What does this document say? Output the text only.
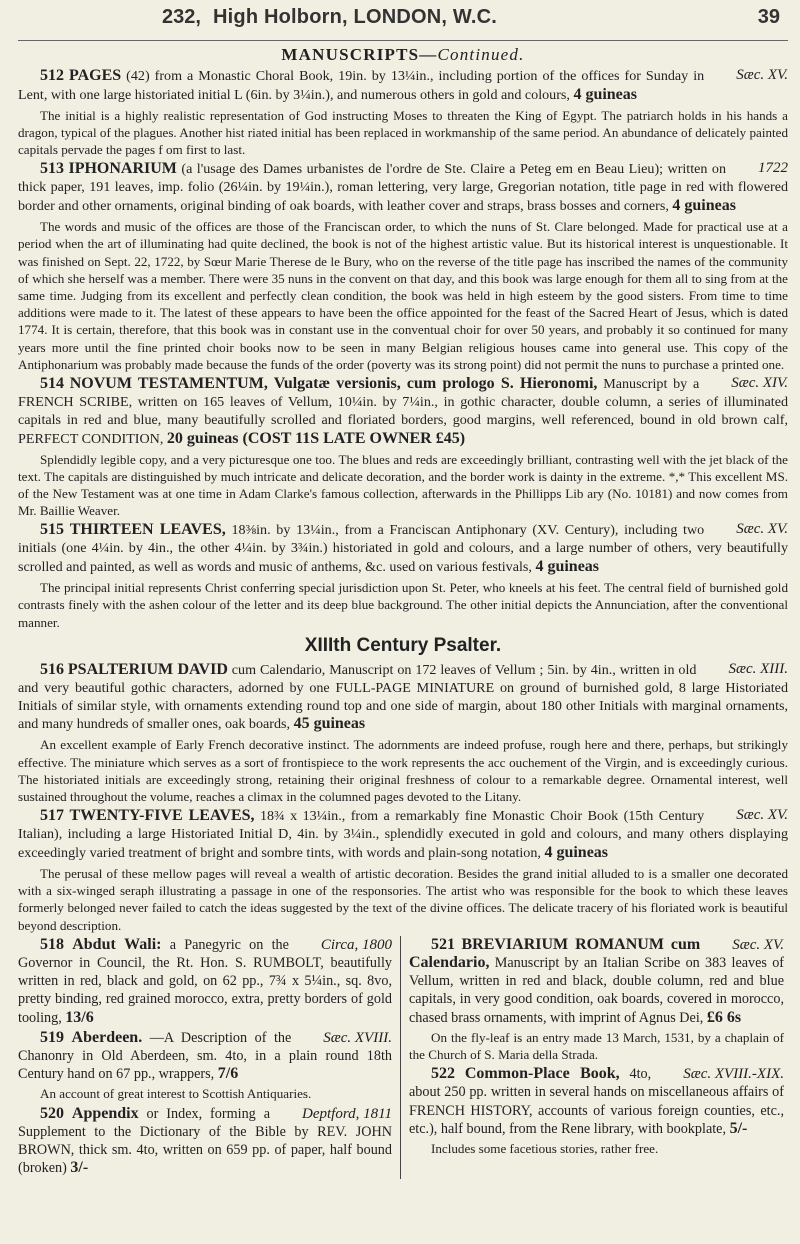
232, High Holborn, LONDON, W.C.	39
MANUSCRIPTS—Continued.

Sæc. XV.
512 PAGES (42) from a Monastic Choral Book, 19in. by 13¼in., including portion of the offices for Sunday in Lent, with one large historiated initial L (6in. by 3¼in.), and numerous others in gold and colours, 4 guineas

The initial is a highly realistic representation of God instructing Moses to threaten the King of Egypt. The patriarch holds in his hands a dragon, typical of the plagues. Another hist riated initial has been replaced in workmanship of the same period. An abundance of delicately painted capitals pervade the pages f om first to last.

1722
513 IPHONARIUM (a l'usage des Dames urbanistes de l'ordre de Ste. Claire a Peteg em en Beau Lieu); written on thick paper, 191 leaves, imp. folio (26¼in. by 19¼in.), roman lettering, very large, Gregorian notation, title page in red with flowered border and other ornaments, original binding of oak boards, with leather cover and straps, brass bosses and corners, 4 guineas

The words and music of the offices are those of the Franciscan order, to which the nuns of St. Clare belonged. Made for practical use at a period when the art of illuminating had quite declined, the book is not of the highest artistic value. But its historical interest is unquestionable. It was finished on Sept. 22, 1722, by Sœur Marie Therese de le Bury, who on the reverse of the title page has inscribed the names of the community of which she herself was a member. There were 35 nuns in the convent on that day, and this book was large enough for them all to sing from at the same time. Judging from its excellent and perfectly clean condition, the book was held in high esteem by the good sisters. From time to time additions were made to it. The latest of these appears to have been the office appointed for the feast of the Sacred Heart of Jesus, which is dated 1774. It is certain, therefore, that this book was in constant use in the conventual choir for over 50 years, and probably it so continued for many years more until the fine printed choir books now to be seen in many Belgian religious houses came into general use. This copy of the Antiphonarium was probably made because the funds of the order (poverty was its strong point) did not permit the nuns to purchase a printed one.

Sæc. XIV.
514 NOVUM TESTAMENTUM, Vulgatæ versionis, cum prologo S. Hieronomi, Manuscript by a FRENCH SCRIBE, written on 165 leaves of Vellum, 10¼in. by 7¼in., in gothic character, double column, a series of illuminated capitals in red and blue, many beautifully scrolled and floriated borders, good margins, well referenced, bound in old brown calf, PERFECT CONDITION, 20 guineas (COST 11S LATE OWNER £45)

Splendidly legible copy, and a very picturesque one too. The blues and reds are exceedingly brilliant, contrasting well with the jet black of the text. The capitals are distinguished by much intricate and delicate decoration, and the border work is dainty in the extreme. *,* This excellent MS. of the New Testament was at one time in Adam Clarke's famous collection, afterwards in the Phillipps Lib ary (No. 10181) and now comes from Mr. Baillie Weaver.

Sæc. XV.
515 THIRTEEN LEAVES, 18⅜in. by 13¼in., from a Franciscan Antiphonary (XV. Century), including two initials (one 4¼in. by 4in., the other 4¼in. by 3¾in.) historiated in gold and colours, and a large number of others, very beautifully scrolled and painted, as well as words and music of anthems, &c. used on various festivals, 4 guineas

The principal initial represents Christ conferring special jurisdiction upon St. Peter, who kneels at his feet. The central field of burnished gold contrasts finely with the ashen colour of the letter and its deep blue background. The other initial depicts the Annunciation, after the conventional manner.

XIIIth Century Psalter.

Sæc. XIII.
516 PSALTERIUM DAVID cum Calendario, Manuscript on 172 leaves of Vellum ; 5in. by 4in., written in old and very beautiful gothic characters, adorned by one FULL-PAGE MINIATURE on ground of burnished gold, 8 large Historiated Initials of similar style, with ornaments extending round top and one side of margin, about 180 other Initials with marginal ornaments, and many hundreds of smaller ones, oak boards, 45 guineas

An excellent example of Early French decorative instinct. The adornments are indeed profuse, rough here and there, perhaps, but strikingly effective. The miniature which serves as a sort of frontispiece to the work represents the acc ouchement of the Virgin, and is exceedingly curious. The historiated initials are exceedingly strong, retaining their original freshness of colour to a remarkable degree. Ornamental interest, well sustained throughout the volume, reaches a climax in the columned pages devoted to the Litany.

Sæc. XV.
517 TWENTY-FIVE LEAVES, 18¾ x 13¼in., from a remarkably fine Monastic Choir Book (15th Century Italian), including a large Historiated Initial D, 4in. by 3¼in., splendidly executed in gold and colours, and many others displaying exceedingly varied treatment of bright and sombre tints, with words and plain-song notation, 4 guineas

The perusal of these mellow pages will reveal a wealth of artistic decoration. Besides the grand initial alluded to is a smaller one decorated with a six-winged seraph illustrating a passage in one of the responsories. The artist who was responsible for the book to which these leaves formerly belonged never failed to catch the ideas suggested by the text of the divine offices. The delicate tracery of his floriated work is beautiful beyond description.

Circa, 1800
518 Abdut Wali: a Panegyric on the Governor in Council, the Rt. Hon. S. RUMBOLT, beautifully written in red, black and gold, on 62 pp., 7¾ x 5¼in., sq. 8vo, pretty binding, red grained morocco, extra, pretty borders of gold tooling, 13/6

Sæc. XVIII.
519 Aberdeen. —A Description of the Chanonry in Old Aberdeen, sm. 4to, in a plain round 18th Century hand on 67 pp., wrappers, 7/6

An account of great interest to Scottish Antiquaries.

Deptford, 1811
520 Appendix or Index, forming a Supplement to the Dictionary of the Bible by REV. JOHN BROWN, thick sm. 4to, written on 659 pp. of paper, half bound (broken) 3/-

Sæc. XV.
521 BREVIARIUM ROMANUM cum Calendario, Manuscript by an Italian Scribe on 383 leaves of Vellum, written in red and black, double column, red and blue capitals, in very good condition, oak boards, covered in morocco, chased brass ornaments, with imprint of Agnus Dei, £6 6s

On the fly-leaf is an entry made 13 March, 1531, by a chaplain of the Church of S. Maria della Strada.

Sæc. XVIII.-XIX.
522 Common-Place Book, 4to, about 250 pp. written in several hands on miscellaneous affairs of FRENCH HISTORY, accounts of various foreign counties, etc., etc.), half bound, from the Rene library, with bookplate, 5/-

Includes some facetious stories, rather free.
